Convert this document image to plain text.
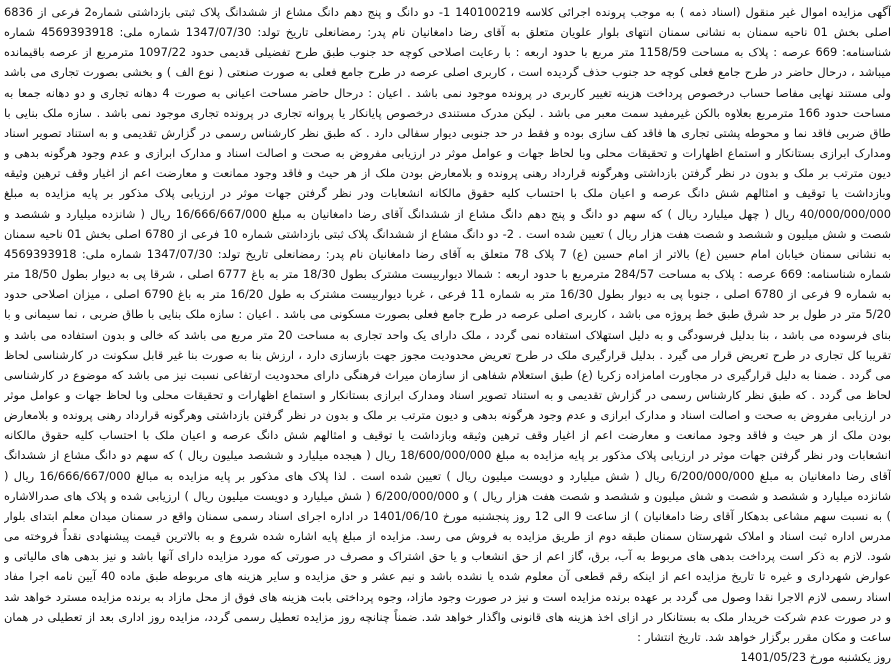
آگهی مزایده اموال غیر منقول (اسناد ذمه ) به موجب پرونده اجرائی کلاسه 140100219 1- دو دانگ و پنج دهم دانگ مشاع از ششدانگ پلاک ثبتی بازداشتی شماره2 فرعی از 6836 اصلی بخش 01 ناحیه سمنان به نشانی سمنان انتهای بلوار علویان متعلق به آقای رضا دامغانیان نام پدر: رمضانعلی تاریخ تولد: 1347/07/30 شماره ملی: 4569393918 شماره شناسنامه: 669 عرصه : پلاک به مساحت 1158/59 متر مربع با حدود اربعه : با رعایت اصلاحی کوچه حد جنوب طبق طرح تفضیلی قدیمی حدود 1097/22 مترمربع از عرصه باقیمانده میباشد ، درحال حاضر در طرح جامع فعلی کوچه حد جنوب حذف گردیده است ، کاربری اصلی عرصه در طرح جامع فعلی به صورت صنعتی ( نوع الف ) و بخشی بصورت تجاری می باشد ولی مستند نهایی مفاصا حساب درخصوص پرداخت هزینه تغییر کاربری در پرونده موجود نمی باشد . اعیان : درحال حاضر مساحت اعیانی به صورت 4 دهانه تجاری و دو دهانه جمعا به مساحت حدود 166 مترمربع بعلاوه بالکن غیرمفید سمت معبر می باشد . لیکن مدرک مستندی درخصوص پایانکار یا پروانه تجاری در پرونده تجاری موجود نمی باشد . سازه ملک بنایی با طاق ضربی فاقد نما و محوطه پشتی تجاری ها فاقد کف سازی بوده و فقط در حد جنوبی دیوار سفالی دارد . که طبق نظر کارشناس رسمی در گزارش تقدیمی و به استناد تصویر اسناد ومدارک ابرازی بستانکار و استماع اظهارات و تحقیقات محلی وبا لحاظ جهات و عوامل موثر در ارزیابی مفروض به صحت و اصالت اسناد و مدارک ابرازی و عدم وجود هرگونه بدهی و دیون مترتب بر ملک و بدون در نظر گرفتن بازداشتی وهرگونه قرارداد رهنی پرونده و بلامعارض بودن ملک از هر حیث و فاقد وجود ممانعت و معارضت اعم از اغیار وقف ترهین وثیقه وبازداشت یا توقیف و امثالهم شش دانگ عرصه و اعیان ملک با احتساب کلیه حقوق مالکانه انشعابات ودر نظر گرفتن جهات موثر در ارزیابی پلاک مذکور بر پایه مزایده به مبلغ 40/000/000/000 ریال ( چهل میلیارد ریال ) که سهم دو دانگ و پنج دهم دانگ مشاع از ششدانگ آقای رضا دامغانیان به مبلغ 16/666/667/000 ریال ( شانزده میلیارد و ششصد و شصت و شش میلیون و ششصد و شصت هفت هزار ریال ) تعیین شده است . 2- دو دانگ مشاع از ششدانگ پلاک ثبتی بازداشتی شماره 10 فرعی از 6780 اصلی بخش 01 ناحیه سمنان به نشانی سمنان خیابان امام حسین (ع) بالاتر از امام حسین (ع) 7 پلاک 78 متعلق به آقای رضا دامغانیان نام پدر: رمضانعلی تاریخ تولد: 1347/07/30 شماره ملی: 4569393918 شماره شناسنامه: 669 عرصه : پلاک به مساحت 284/57 مترمربع با حدود اربعه : شمالا دیواربیست مشترک بطول 18/30 متر به باغ 6777 اصلی ، شرقا پی به دیوار بطول 18/50 متر به شماره 9 فرعی از 6780 اصلی ، جنوبا پی به دیوار بطول 16/30 متر به شماره 11 فرعی ، غربا دیواربیست مشترک به طول 16/20 متر به باغ 6790 اصلی ، میزان اصلاحی حدود 5/20 متر در طول بر حد شرق طبق خط پروژه می باشد ، کاربری اصلی عرصه در طرح جامع فعلی بصورت مسکونی می باشد . اعیان : سازه ملک بنایی با طاق ضربی ، نما سیمانی و با بنای فرسوده می باشد ، بنا بدلیل فرسودگی و به دلیل استهلاک استفاده نمی گردد ، ملک دارای یک واحد تجاری به مساحت 20 متر مربع می باشد که خالی و بدون استفاده می باشد و تقریبا کل تجاری در طرح تعریض قرار می گیرد . بدلیل قرارگیری ملک در طرح تعریض محدودیت مجوز جهت بازسازی دارد ، ارزش بنا به صورت بنا غیر قابل سکونت در کارشناسی لحاظ می گردد . ضمنا به دلیل قرارگیری در مجاورت امامزاده زکریا (ع) طبق استعلام شفاهی از سازمان میراث فرهنگی دارای محدودیت ارتفاعی نسبت نیز می باشد که موضوع در کارشناسی لحاظ می گردد . که طبق نظر کارشناس رسمی در گزارش تقدیمی و به استناد تصویر اسناد ومدارک ابرازی بستانکار و استماع اظهارات و تحقیقات محلی وبا لحاظ جهات و عوامل موثر در ارزیابی مفروض به صحت و اصالت اسناد و مدارک ابرازی و عدم وجود هرگونه بدهی و دیون مترتب بر ملک و بدون در نظر گرفتن بازداشتی وهرگونه قرارداد رهنی پرونده و بلامعارض بودن ملک از هر حیث و فاقد وجود ممانعت و معارضت اعم از اغیار وقف ترهین وثیقه وبازداشت یا توقیف و امثالهم شش دانگ عرصه و اعیان ملک با احتساب کلیه حقوق مالکانه انشعابات ودر نظر گرفتن جهات موثر در ارزیابی پلاک مذکور بر پایه مزایده به مبلغ 18/600/000/000 ریال ( هیجده میلیارد و ششصد میلیون ریال ) که سهم دو دانگ مشاع از ششدانگ آقای رضا دامغانیان به مبلغ 6/200/000/000 ریال ( شش میلیارد و دویست میلیون ریال ) تعیین شده است . لذا پلاک های مذکور بر پایه مزایده به مبالغ 16/666/667/000 ریال ( شانزده میلیارد و ششصد و شصت و شش میلیون و ششصد و شصت هفت هزار ریال ) و 6/200/000/000 ( شش میلیارد و دویست میلیون ریال ) ارزیابی شده و پلاک های صدرالاشاره ) به نسبت سهم مشاعی بدهکار آقای رضا دامغانیان ) از ساعت 9 الی 12 روز پنجشنبه مورخ 1401/06/10 در اداره اجرای اسناد رسمی سمنان واقع در سمنان میدان معلم ابتدای بلوار مدرس اداره ثبت اسناد و املاک شهرستان سمنان طبقه دوم از طریق مزایده به فروش می رسد. مزایده از مبلغ پایه اشاره شده شروع و به بالاترین قیمت پیشنهادی نقداً فروخته می شود. لازم به ذکر است پرداخت بدهی های مربوط به آب، برق، گاز اعم از حق انشعاب و یا حق اشتراک و مصرف در صورتی که مورد مزایده دارای آنها باشد و نیز بدهی های مالیاتی و عوارض شهرداری و غیره تا تاریخ مزایده اعم از اینکه رقم قطعی آن معلوم شده یا نشده باشد و نیم عشر و حق مزایده و سایر هزینه های مربوطه طبق ماده 40 آیین نامه اجرا مفاد اسناد رسمی لازم الاجرا نقدا وصول می گردد بر عهده برنده مزایده است و نیز در صورت وجود مازاد، وجوه پرداختی بابت هزینه های فوق از محل مازاد به برنده مزایده مسترد خواهد شد و در صورت عدم شرکت خریدار ملک به بستانکار در ازای اخذ هزینه های قانونی واگذار خواهد شد. ضمناً چنانچه روز مزایده تعطیل رسمی گردد، مزایده روز اداری بعد از تعطیلی در همان ساعت و مکان مقرر برگزار خواهد شد. تاریخ انتشار :

روز یکشنبه مورخ 1401/05/23
